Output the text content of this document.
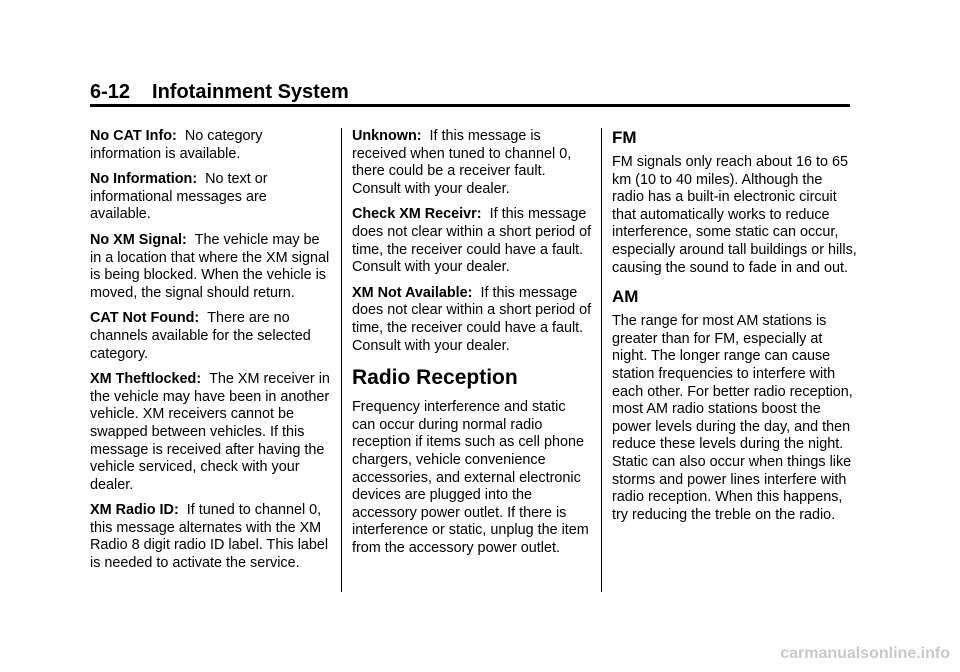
6-12 Infotainment System

No CAT Info: No category information is available.

No Information: No text or informational messages are available.

No XM Signal: The vehicle may be in a location that where the XM signal is being blocked. When the vehicle is moved, the signal should return.

CAT Not Found: There are no channels available for the selected category.

XM Theftlocked: The XM receiver in the vehicle may have been in another vehicle. XM receivers cannot be swapped between vehicles. If this message is received after having the vehicle serviced, check with your dealer.

XM Radio ID: If tuned to channel 0, this message alternates with the XM Radio 8 digit radio ID label. This label is needed to activate the service.

Unknown: If this message is received when tuned to channel 0, there could be a receiver fault. Consult with your dealer.

Check XM Receivr: If this message does not clear within a short period of time, the receiver could have a fault. Consult with your dealer.

XM Not Available: If this message does not clear within a short period of time, the receiver could have a fault. Consult with your dealer.

Radio Reception

Frequency interference and static can occur during normal radio reception if items such as cell phone chargers, vehicle convenience accessories, and external electronic devices are plugged into the accessory power outlet. If there is interference or static, unplug the item from the accessory power outlet.

FM

FM signals only reach about 16 to 65 km (10 to 40 miles). Although the radio has a built-in electronic circuit that automatically works to reduce interference, some static can occur, especially around tall buildings or hills, causing the sound to fade in and out.

AM

The range for most AM stations is greater than for FM, especially at night. The longer range can cause station frequencies to interfere with each other. For better radio reception, most AM radio stations boost the power levels during the day, and then reduce these levels during the night. Static can also occur when things like storms and power lines interfere with radio reception. When this happens, try reducing the treble on the radio.

carmanualsonline.info
